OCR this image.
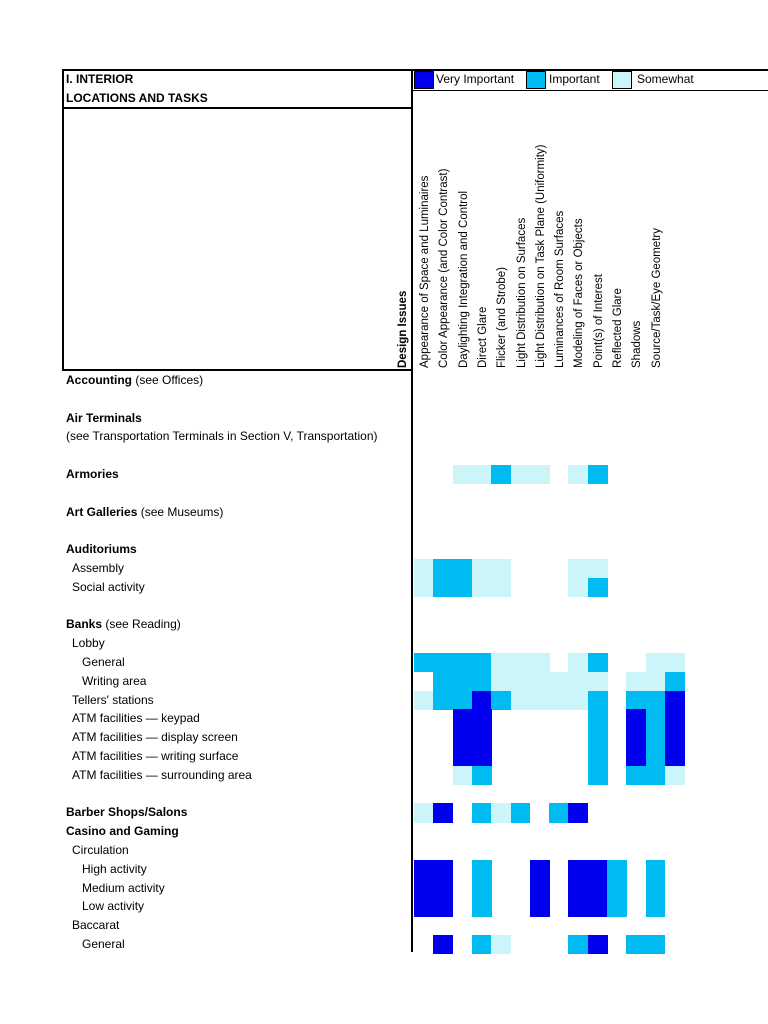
I. INTERIOR
LOCATIONS AND TASKS
Very Important	Important	Somewhat
Design Issues Appearance of Space and Luminaires Color Appearance (and Color Contrast) Daylighting Integration and Control Direct Glare Flicker (and Strobe) Light Distribution on Surfaces Light Distribution on Task Plane (Uniformity) Luminances of Room Surfaces Modeling of Faces or Objects Point(s) of Interest Reflected Glare Shadows Source/Task/Eye Geometry
Accounting (see Offices)
Air Terminals
(see Transportation Terminals in Section V, Transportation)
Armories
Art Galleries (see Museums)
Auditoriums
Assembly
Social activity
Banks (see Reading)
Lobby
General
Writing area
Tellers' stations
ATM facilities — keypad
ATM facilities — display screen
ATM facilities — writing surface
ATM facilities — surrounding area
Barber Shops/Salons
Casino and Gaming
Circulation
High activity
Medium activity
Low activity
Baccarat
General
